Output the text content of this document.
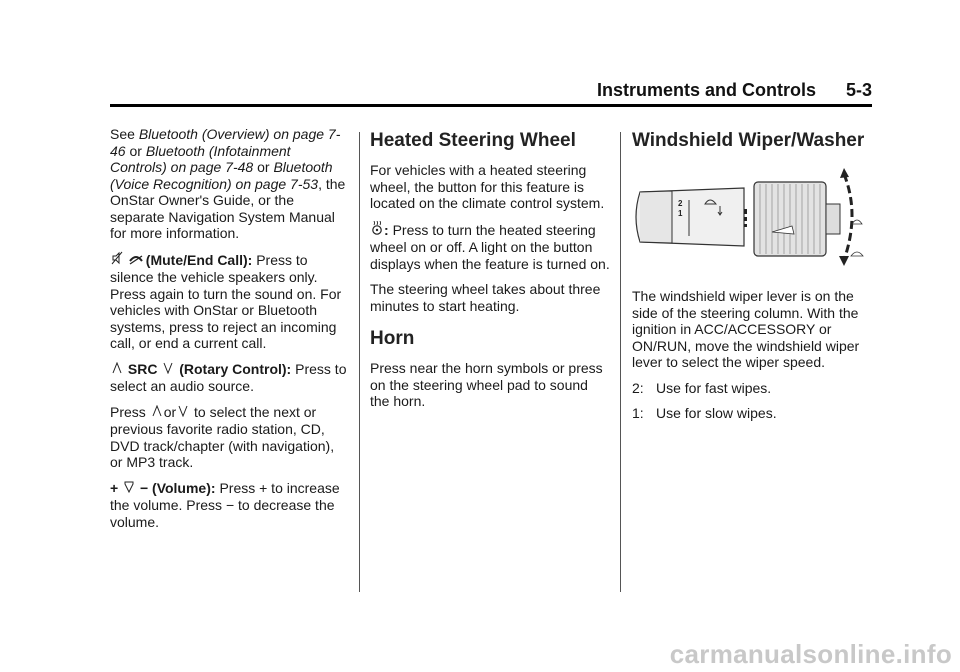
Instruments and Controls 5-3

See Bluetooth (Overview) on page 7-46 or Bluetooth (Infotainment Controls) on page 7-48 or Bluetooth (Voice Recognition) on page 7-53, the OnStar Owner's Guide, or the separate Navigation System Manual for more information.

(Mute/End Call): Press to silence the vehicle speakers only. Press again to turn the sound on. For vehicles with OnStar or Bluetooth systems, press to reject an incoming call, or end a current call.

SRC (Rotary Control): Press to select an audio source.

Press or to select the next or previous favorite radio station, CD, DVD track/chapter (with navigation), or MP3 track.

+ − (Volume): Press + to increase the volume. Press − to decrease the volume.

Heated Steering Wheel

For vehicles with a heated steering wheel, the button for this feature is located on the climate control system.

: Press to turn the heated steering wheel on or off. A light on the button displays when the feature is turned on.

The steering wheel takes about three minutes to start heating.

Horn

Press near the horn symbols or press on the steering wheel pad to sound the horn.

Windshield Wiper/Washer
2
1

The windshield wiper lever is on the side of the steering column. With the ignition in ACC/ACCESSORY or ON/RUN, move the windshield wiper lever to select the wiper speed.

2: Use for fast wipes.

1: Use for slow wipes.

carmanualsonline.info
